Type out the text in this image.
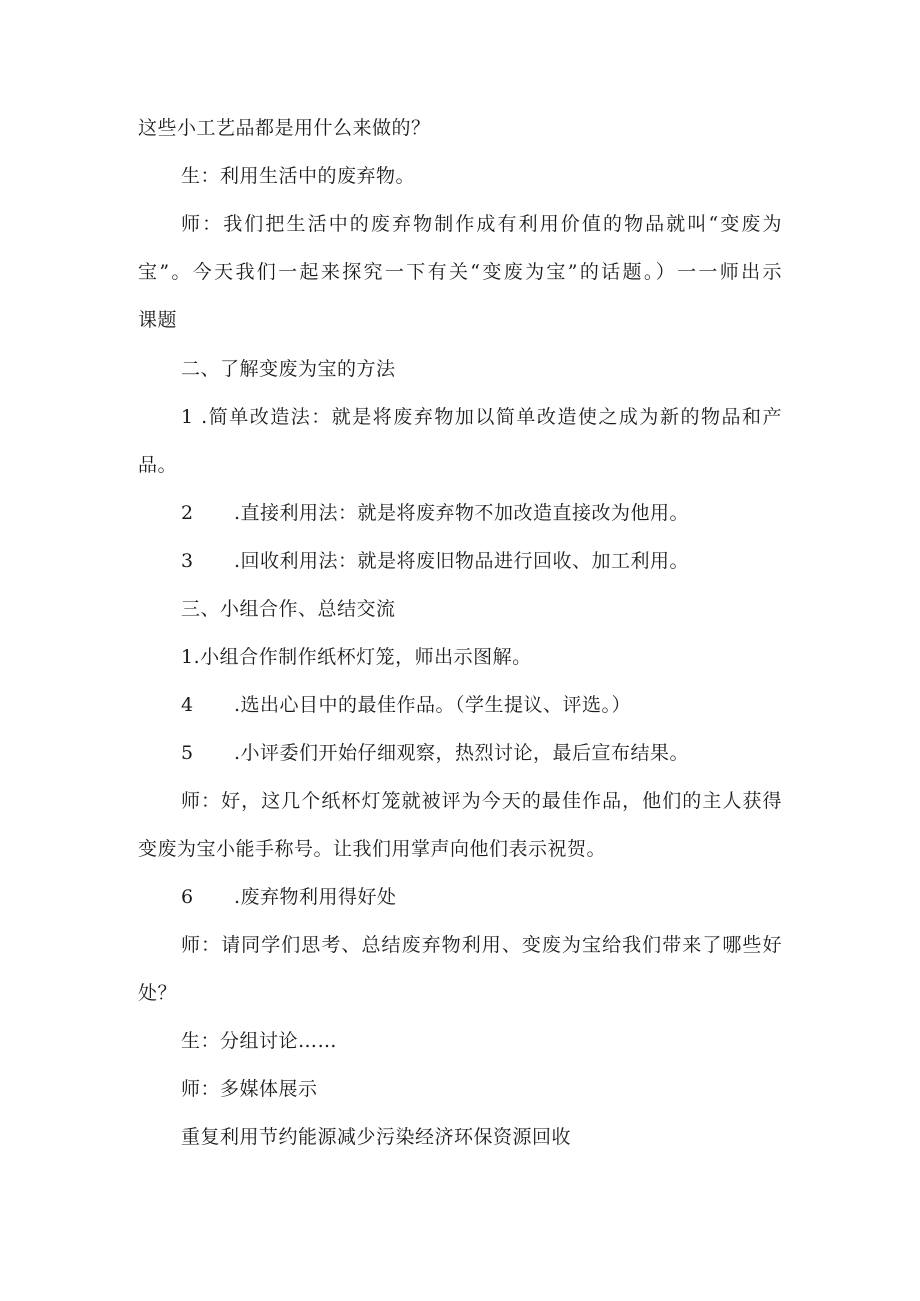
这些小工艺品都是用什么来做的？
生：利用生活中的废弃物。
师：我们把生活中的废弃物制作成有利用价值的物品就叫“变废为
宝”。今天我们一起来探究一下有关“变废为宝”的话题。）一一师出示
课题
二、了解变废为宝的方法
1 .简单改造法：就是将废弃物加以简单改造使之成为新的物品和产
品。
2 .直接利用法：就是将废弃物不加改造直接改为他用。
3 .回收利用法：就是将废旧物品进行回收、加工利用。
三、小组合作、总结交流
1.小组合作制作纸杯灯笼，师出示图解。
4 .选出心目中的最佳作品。（学生提议、评选。）
5 .小评委们开始仔细观察，热烈讨论，最后宣布结果。
师：好，这几个纸杯灯笼就被评为今天的最佳作品，他们的主人获得
变废为宝小能手称号。让我们用掌声向他们表示祝贺。
6 .废弃物利用得好处
师：请同学们思考、总结废弃物利用、变废为宝给我们带来了哪些好
处？
生：分组讨论……
师：多媒体展示
重复利用节约能源减少污染经济环保资源回收
